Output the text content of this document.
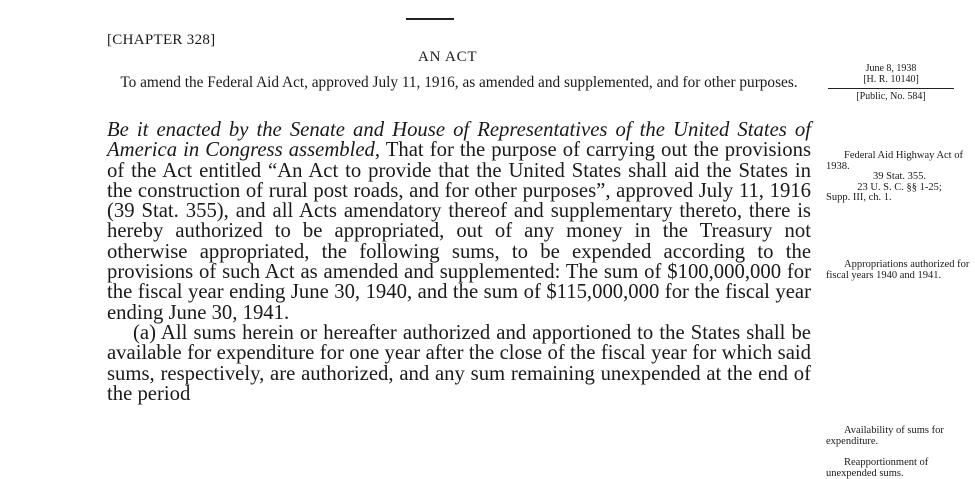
[CHAPTER 328]
AN ACT
To amend the Federal Aid Act, approved July 11, 1916, as amended and supplemented, and for other purposes.
June 8, 1938
[H. R. 10140]
[Public, No. 584]

Be it enacted by the Senate and House of Representatives of the United States of America in Congress assembled, That for the purpose of carrying out the provisions of the Act entitled “An Act to provide that the United States shall aid the States in the construction of rural post roads, and for other purposes”, approved July 11, 1916 (39 Stat. 355), and all Acts amendatory thereof and supplementary thereto, there is hereby authorized to be appropriated, out of any money in the Treasury not otherwise appropriated, the following sums, to be expended according to the provisions of such Act as amended and supplemented: The sum of $100,000,000 for the fiscal year ending June 30, 1940, and the sum of $115,000,000 for the fiscal year ending June 30, 1941.

(a) All sums herein or hereafter authorized and apportioned to the States shall be available for expenditure for one year after the close of the fiscal year for which said sums, respectively, are authorized, and any sum remaining unexpended at the end of the period

Federal Aid Highway Act of 1938.
39 Stat. 355.
23 U. S. C. §§ 1-25;
Supp. III, ch. 1.
Appropriations authorized for fiscal years 1940 and 1941.
Availability of sums for expenditure.
Reapportionment of unexpended sums.
